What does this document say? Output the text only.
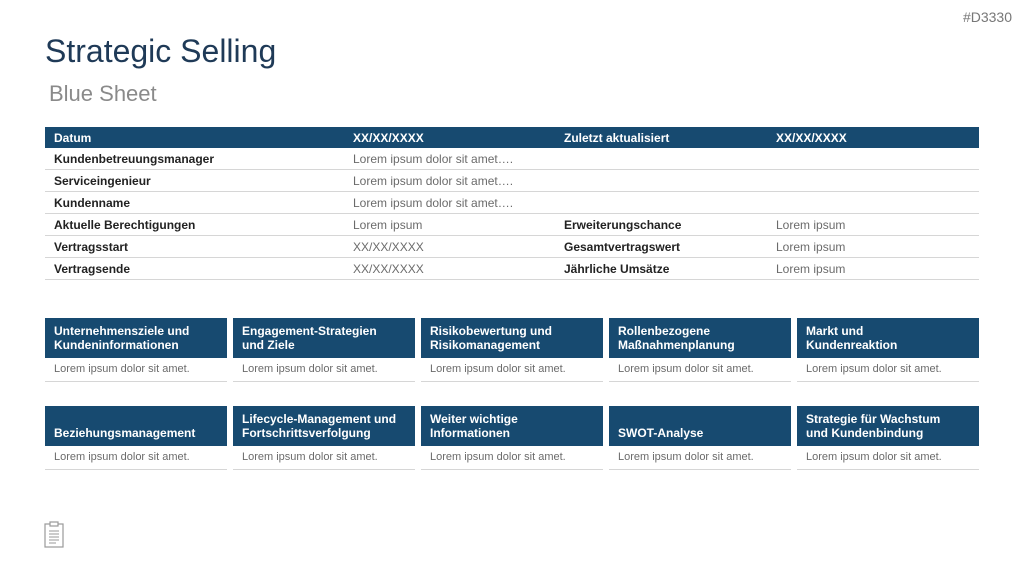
#D3330
Strategic Selling
Blue Sheet
Datum	XX/XX/XXXX	Zuletzt aktualisiert	XX/XX/XXXX
Kundenbetreuungsmanager	Lorem ipsum dolor sit amet….		
Serviceingenieur	Lorem ipsum dolor sit amet….		
Kundenname	Lorem ipsum dolor sit amet….		
Aktuelle Berechtigungen	Lorem ipsum	Erweiterungschance	Lorem ipsum
Vertragsstart	XX/XX/XXXX	Gesamtvertragswert	Lorem ipsum
Vertragsende	XX/XX/XXXX	Jährliche Umsätze	Lorem ipsum
Unternehmensziele und
Kundeninformationen
Lorem ipsum dolor sit amet.
Engagement-Strategien
und Ziele
Lorem ipsum dolor sit amet.
Risikobewertung und
Risikomanagement
Lorem ipsum dolor sit amet.
Rollenbezogene
Maßnahmenplanung
Lorem ipsum dolor sit amet.
Markt und
Kundenreaktion
Lorem ipsum dolor sit amet.
Beziehungsmanagement
Lorem ipsum dolor sit amet.
Lifecycle-Management und
Fortschrittsverfolgung
Lorem ipsum dolor sit amet.
Weiter wichtige
Informationen
Lorem ipsum dolor sit amet.
SWOT-Analyse
Lorem ipsum dolor sit amet.
Strategie für Wachstum
und Kundenbindung
Lorem ipsum dolor sit amet.
